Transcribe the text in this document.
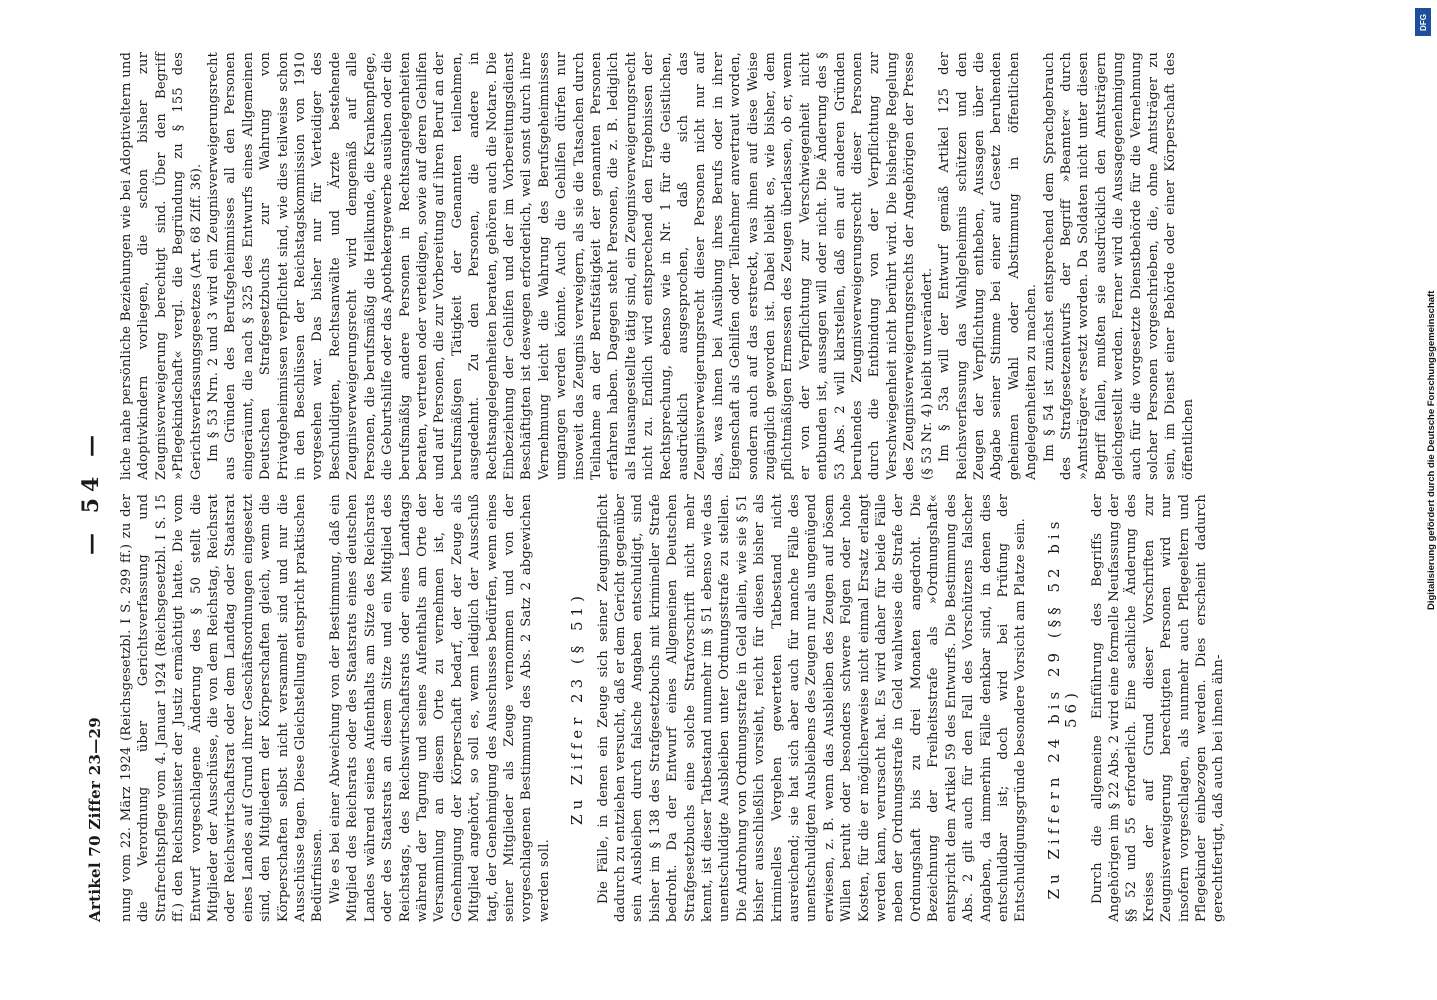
Artikel 70 Ziffer 23—29
— 54 —

nung vom 22. März 1924 (Reichsgesetzbl. I S. 299 ff.) zu der die Verordnung über Gerichtsverfassung und Strafrechtspflege vom 4. Januar 1924 (Reichsgesetzbl. I S. 15 ff.) den Reichsminister der Justiz ermächtigt hatte. Die vom Entwurf vorgeschlagene Änderung des § 50 stellt die Mitglieder der Ausschüsse, die von dem Reichstag, Reichsrat oder Reichswirtschaftsrat oder dem Landtag oder Staatsrat eines Landes auf Grund ihrer Geschäftsordnungen eingesetzt sind, den Mitgliedern der Körperschaften gleich, wenn die Körperschaften selbst nicht versammelt sind und nur die Ausschüsse tagen. Diese Gleichstellung entspricht praktischen Bedürfnissen. Wie es bei einer Abweichung von der Bestimmung, daß ein Mitglied des Reichsrats oder des Staatsrats eines deutschen Landes während seines Aufenthalts am Sitze des Reichsrats oder des Staatsrats an diesem Sitze und ein Mitglied des Reichstags, des Reichswirtschaftsrats oder eines Landtags während der Tagung und seines Aufenthalts am Orte der Versammlung an diesem Orte zu vernehmen ist, der Genehmigung der Körperschaft bedarf, der der Zeuge als Mitglied angehört, so soll es, wenn lediglich der Ausschuß tagt, der Genehmigung des Ausschusses bedürfen, wenn eines seiner Mitglieder als Zeuge vernommen und von der vorgeschlagenen Bestimmung des Abs. 2 Satz 2 abgewichen werden soll.

Zu Ziffer 23 (§ 51) Die Fälle, in denen ein Zeuge sich seiner Zeugnispflicht dadurch zu entziehen versucht, daß er dem Gericht gegenüber sein Ausbleiben durch falsche Angaben entschuldigt, sind bisher im § 138 des Strafgesetzbuchs mit krimineller Strafe bedroht. Da der Entwurf eines Allgemeinen Deutschen Strafgesetzbuchs eine solche Strafvorschrift nicht mehr kennt, ist dieser Tatbestand nunmehr im § 51 ebenso wie das unentschuldigte Ausbleiben unter Ordnungsstrafe zu stellen. Die Androhung von Ordnungsstrafe in Geld allein, wie sie § 51 bisher ausschließlich vorsieht, reicht für diesen bisher als kriminelles Vergehen gewerteten Tatbestand nicht ausreichend; sie hat sich aber auch für manche Fälle des unentschuldigten Ausbleibens des Zeugen nur als ungenügend erwiesen, z. B. wenn das Ausbleiben des Zeugen auf bösem Willen beruht oder besonders schwere Folgen oder hohe Kosten, für die er möglicherweise nicht einmal Ersatz erlangt werden kann, verursacht hat. Es wird daher für beide Fälle neben der Ordnungsstrafe in Geld wahlweise die Strafe der Ordnungshaft bis zu drei Monaten angedroht. Die Bezeichnung der Freiheitsstrafe als »Ordnungshaft« entspricht dem Artikel 59 des Entwurfs. Die Bestimmung des Abs. 2 gilt auch für den Fall des Vorschützens falscher Angaben, da immerhin Fälle denkbar sind, in denen dies entschuldbar ist; doch wird bei Prüfung der Entschuldigungsgründe besondere Vorsicht am Platze sein. Zu Ziffern 24 bis 29 (§§ 52 bis 56) Durch die allgemeine Einführung des Begriffs der Angehörigen im § 22 Abs. 2 wird eine formelle Neufassung der §§ 52 und 55 erforderlich. Eine sachliche Änderung des Kreises der auf Grund dieser Vorschriften zur Zeugnisverweigerung berechtigten Personen wird nur insofern vorgeschlagen, als nunmehr auch Pflegeeltern und Pflegekinder einbezogen werden. Dies erscheint dadurch gerechtfertigt, daß auch bei ihnen ähn-

liche nahe persönliche Beziehungen wie bei Adoptiveltern und Adoptivkindern vorliegen, die schon bisher zur Zeugnisverweigerung berechtigt sind. Über den Begriff »Pflegekindschaft« vergl. die Begründung zu § 155 des Gerichtsverfassungsgesetzes (Art. 68 Ziff. 36). Im § 53 Nrn. 2 und 3 wird ein Zeugnisverweigerungsrecht aus Gründen des Berufsgeheimnisses all den Personen eingeräumt, die nach § 325 des Entwurfs eines Allgemeinen Deutschen Strafgesetzbuchs zur Wahrung von Privatgeheimnissen verpflichtet sind, wie dies teilweise schon in den Beschlüssen der Reichstagskommission von 1910 vorgesehen war. Das bisher nur für Verteidiger des Beschuldigten, Rechtsanwälte und Ärzte bestehende Zeugnisverweigerungsrecht wird demgemäß auf alle Personen, die berufsmäßig die Heilkunde, die Krankenpflege, die Geburtshilfe oder das Apothekergewerbe ausüben oder die berufsmäßig andere Personen in Rechtsangelegenheiten beraten, vertreten oder verteidigen, sowie auf deren Gehilfen und auf Personen, die zur Vorbereitung auf ihren Beruf an der berufsmäßigen Tätigkeit der Genannten teilnehmen, ausgedehnt. Zu den Personen, die andere in Rechtsangelegenheiten beraten, gehören auch die Notare. Die Einbeziehung der Gehilfen und der im Vorbereitungsdienst Beschäftigten ist deswegen erforderlich, weil sonst durch ihre Vernehmung leicht die Wahrung des Berufsgeheimnisses umgangen werden könnte. Auch die Gehilfen dürfen nur insoweit das Zeugnis verweigern, als sie die Tatsachen durch Teilnahme an der Berufstätigkeit der genannten Personen erfahren haben. Dagegen steht Personen, die z. B. lediglich als Hausangestellte tätig sind, ein Zeugnisverweigerungsrecht nicht zu. Endlich wird entsprechend den Ergebnissen der Rechtsprechung, ebenso wie in Nr. 1 für die Geistlichen, ausdrücklich ausgesprochen, daß sich das Zeugnisverweigerungsrecht dieser Personen nicht nur auf das, was ihnen bei Ausübung ihres Berufs oder in ihrer Eigenschaft als Gehilfen oder Teilnehmer anvertraut worden, sondern auch auf das erstreckt, was ihnen auf diese Weise zugänglich geworden ist. Dabei bleibt es, wie bisher, dem pflichtmäßigen Ermessen des Zeugen überlassen, ob er, wenn er von der Verpflichtung zur Verschwiegenheit nicht entbunden ist, aussagen will oder nicht. Die Änderung des § 53 Abs. 2 will klarstellen, daß ein auf anderen Gründen beruhendes Zeugnisverweigerungsrecht dieser Personen durch die Entbindung von der Verpflichtung zur Verschwiegenheit nicht berührt wird. Die bisherige Regelung des Zeugnisverweigerungsrechts der Angehörigen der Presse (§ 53 Nr. 4) bleibt unverändert. Im § 53a will der Entwurf gemäß Artikel 125 der Reichsverfassung das Wahlgeheimnis schützen und den Zeugen der Verpflichtung entheben, Aussagen über die Abgabe seiner Stimme bei einer auf Gesetz beruhenden geheimen Wahl oder Abstimmung in öffentlichen Angelegenheiten zu machen. Im § 54 ist zunächst entsprechend dem Sprachgebrauch des Strafgesetzentwurfs der Begriff »Beamter« durch »Amtsträger« ersetzt worden. Da Soldaten nicht unter diesen Begriff fallen, mußten sie ausdrücklich den Amtsträgern gleichgestellt werden. Ferner wird die Aussagegenehmigung auch für die vorgesetzte Dienstbehörde für die Vernehmung solcher Personen vorgeschrieben, die, ohne Amtsträger zu sein, im Dienst einer Behörde oder einer Körperschaft des öffentlichen

DFG
Digitalisierung gefördert durch die Deutsche Forschungsgemeinschaft
